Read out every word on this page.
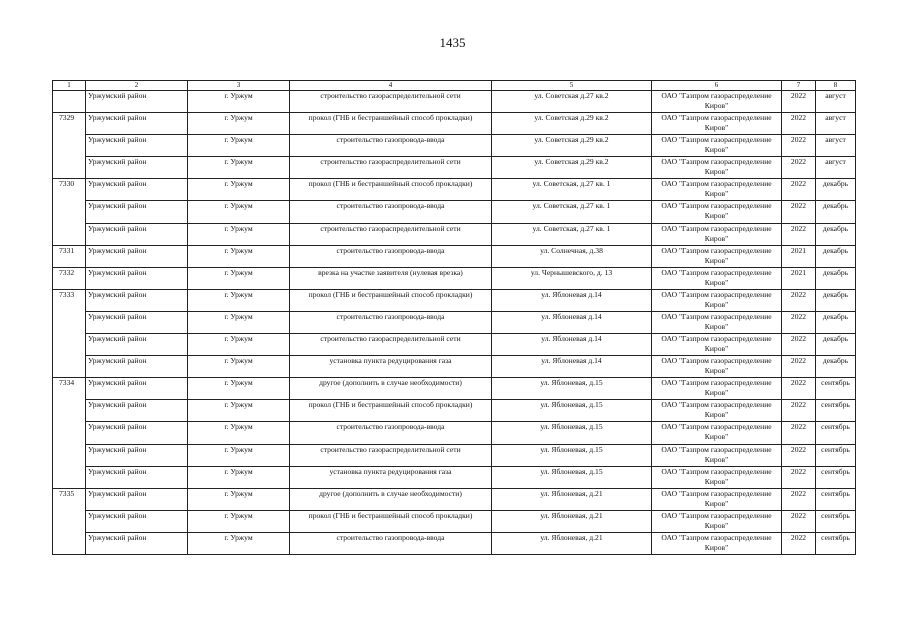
1435
1	2	3	4	5	6	7	8
	Уржумский район	г. Уржум	строительство газораспределительной сети	ул. Советская д.27 кв.2	ОАО "Газпром газораспределение Киров"	2022	август
7329	Уржумский район	г. Уржум	прокол (ГНБ и бестраншейный способ прокладки)	ул. Советская д.29 кв.2	ОАО "Газпром газораспределение Киров"	2022	август
	Уржумский район	г. Уржум	строительство газопровода-ввода	ул. Советская д.29 кв.2	ОАО "Газпром газораспределение Киров"	2022	август
	Уржумский район	г. Уржум	строительство газораспределительной сети	ул. Советская д.29 кв.2	ОАО "Газпром газораспределение Киров"	2022	август
7330	Уржумский район	г. Уржум	прокол (ГНБ и бестраншейный способ прокладки)	ул. Советская, д.27 кв. 1	ОАО "Газпром газораспределение Киров"	2022	декабрь
	Уржумский район	г. Уржум	строительство газопровода-ввода	ул. Советская, д.27 кв. 1	ОАО "Газпром газораспределение Киров"	2022	декабрь
	Уржумский район	г. Уржум	строительство газораспределительной сети	ул. Советская, д.27 кв. 1	ОАО "Газпром газораспределение Киров"	2022	декабрь
7331	Уржумский район	г. Уржум	строительство газопровода-ввода	ул. Солнечная, д.38	ОАО "Газпром газораспределение Киров"	2021	декабрь
7332	Уржумский район	г. Уржум	врезка на участке заявителя (нулевая врезка)	ул. Чернышевского, д. 13	ОАО "Газпром газораспределение Киров"	2021	декабрь
7333	Уржумский район	г. Уржум	прокол (ГНБ и бестраншейный способ прокладки)	ул. Яблоневая д.14	ОАО "Газпром газораспределение Киров"	2022	декабрь
	Уржумский район	г. Уржум	строительство газопровода-ввода	ул. Яблоневая д.14	ОАО "Газпром газораспределение Киров"	2022	декабрь
	Уржумский район	г. Уржум	строительство газораспределительной сети	ул. Яблоневая д.14	ОАО "Газпром газораспределение Киров"	2022	декабрь
	Уржумский район	г. Уржум	установка пункта редуцирования газа	ул. Яблоневая д.14	ОАО "Газпром газораспределение Киров"	2022	декабрь
7334	Уржумский район	г. Уржум	другое (дополнить в случае необходимости)	ул. Яблоневая, д.15	ОАО "Газпром газораспределение Киров"	2022	сентябрь
	Уржумский район	г. Уржум	прокол (ГНБ и бестраншейный способ прокладки)	ул. Яблоневая, д.15	ОАО "Газпром газораспределение Киров"	2022	сентябрь
	Уржумский район	г. Уржум	строительство газопровода-ввода	ул. Яблоневая, д.15	ОАО "Газпром газораспределение Киров"	2022	сентябрь
	Уржумский район	г. Уржум	строительство газораспределительной сети	ул. Яблоневая, д.15	ОАО "Газпром газораспределение Киров"	2022	сентябрь
	Уржумский район	г. Уржум	установка пункта редуцирования газа	ул. Яблоневая, д.15	ОАО "Газпром газораспределение Киров"	2022	сентябрь
7335	Уржумский район	г. Уржум	другое (дополнить в случае необходимости)	ул. Яблоневая, д.21	ОАО "Газпром газораспределение Киров"	2022	сентябрь
	Уржумский район	г. Уржум	прокол (ГНБ и бестраншейный способ прокладки)	ул. Яблоневая, д.21	ОАО "Газпром газораспределение Киров"	2022	сентябрь
	Уржумский район	г. Уржум	строительство газопровода-ввода	ул. Яблоневая, д.21	ОАО "Газпром газораспределение Киров"	2022	сентябрь
